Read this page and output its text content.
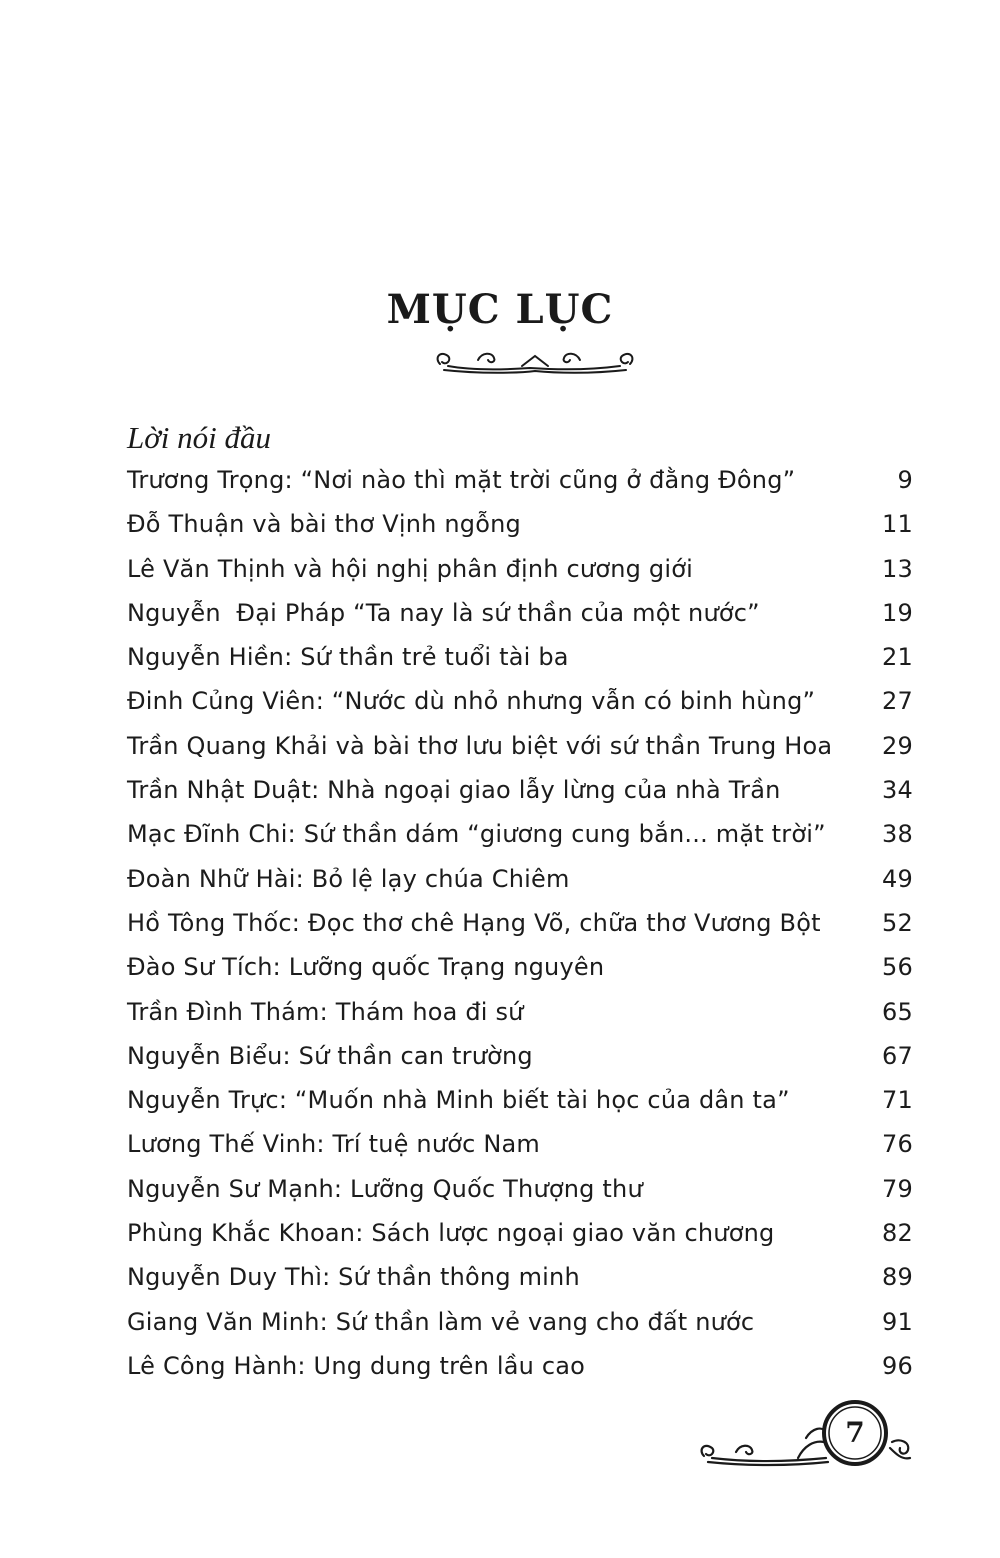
MỤC LỤC
Lời nói đầu
Trương Trọng: “Nơi nào thì mặt trời cũng ở đằng Đông”	9
Đỗ Thuận và bài thơ Vịnh ngỗng	11
Lê Văn Thịnh và hội nghị phân định cương giới	13
Nguyễn  Đại Pháp “Ta nay là sứ thần của một nước”	19
Nguyễn Hiền: Sứ thần trẻ tuổi tài ba	21
Đinh Củng Viên: “Nước dù nhỏ nhưng vẫn có binh hùng”	27
Trần Quang Khải và bài thơ lưu biệt với sứ thần Trung Hoa	29
Trần Nhật Duật: Nhà ngoại giao lẫy lừng của nhà Trần	34
Mạc Đĩnh Chi: Sứ thần dám “giương cung bắn... mặt trời”	38
Đoàn Nhữ Hài: Bỏ lệ lạy chúa Chiêm	49
Hồ Tông Thốc: Đọc thơ chê Hạng Võ, chữa thơ Vương Bột	52
Đào Sư Tích: Lưỡng quốc Trạng nguyên	56
Trần Đình Thám: Thám hoa đi sứ	65
Nguyễn Biểu: Sứ thần can trường	67
Nguyễn Trực: “Muốn nhà Minh biết tài học của dân ta”	71
Lương Thế Vinh: Trí tuệ nước Nam	76
Nguyễn Sư Mạnh: Lưỡng Quốc Thượng thư	79
Phùng Khắc Khoan: Sách lược ngoại giao văn chương	82
Nguyễn Duy Thì: Sứ thần thông minh	89
Giang Văn Minh: Sứ thần làm vẻ vang cho đất nước	91
Lê Công Hành: Ung dung trên lầu cao	96
7
